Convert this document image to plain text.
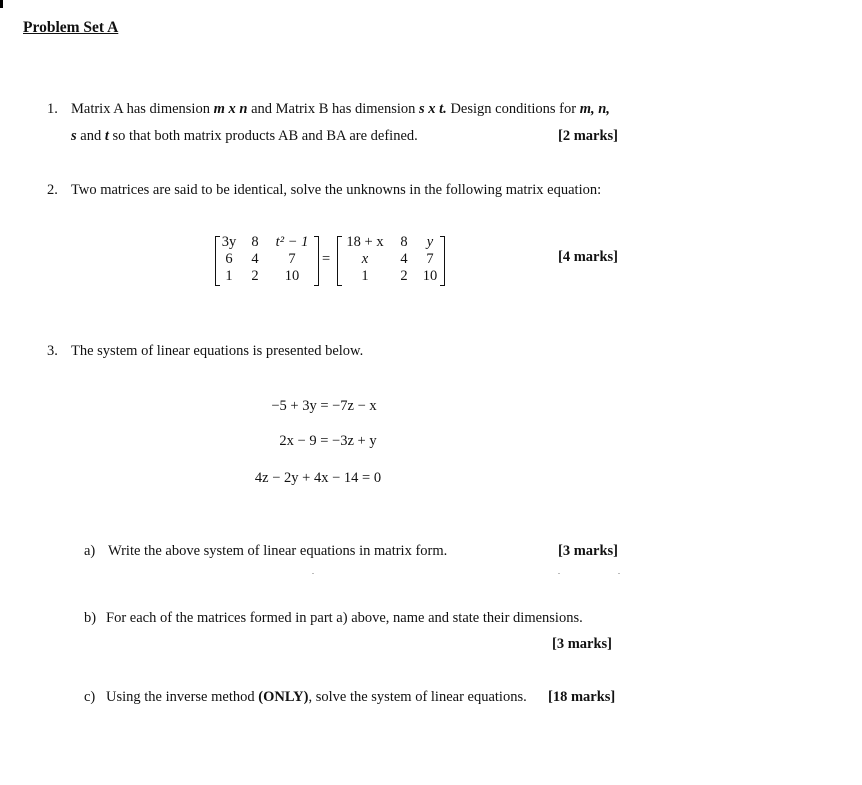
Problem Set A
1. Matrix A has dimension m x n and Matrix B has dimension s x t. Design conditions for m, n,
s and t so that both matrix products AB and BA are defined.	[2 marks]
2. Two matrices are said to be identical, solve the unknowns in the following matrix equation:
3y 8 t² − 1
6 4 7
1 2 10
=
18 + x 8 y
x 4 7
1 2 10
[4 marks]
3. The system of linear equations is presented below.
−5 + 3y = −7z − x
2x − 9 = −3z + y
4z − 2y + 4x − 14 = 0
a) Write the above system of linear equations in matrix form.	[3 marks]
b) For each of the matrices formed in part a) above, name and state their dimensions.
[3 marks]
c) Using the inverse method (ONLY), solve the system of linear equations. [18 marks]
